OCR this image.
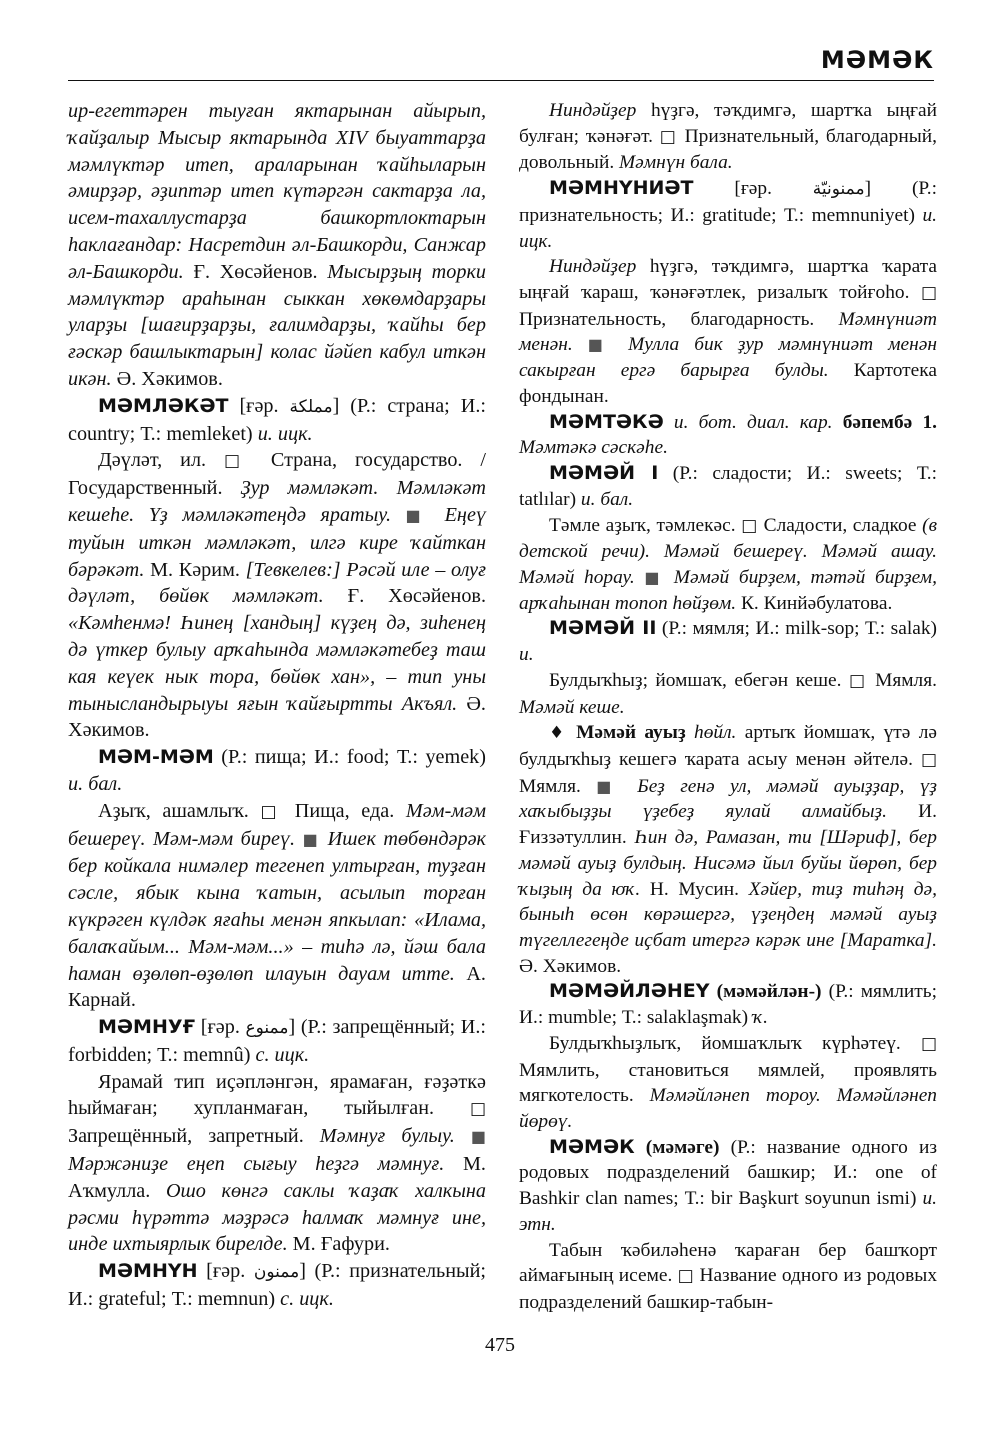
МӘМӘК

ир-егеттәрен тыуған яктарынан айырып, ҡайҙалыр Мысыр яктарында XIV быуаттарҙа мәмлүктәр итеп, араларынан ҡайһыларын әмирҙәр, әҙиптәр итеп күтәргән сактарҙа ла, исем-тахаллустарҙа башкортлоктарын һаклағандар: Насретдин әл-Башкорди, Санжар әл-Башкорди. Ғ. Хөсәйенов. Мысырҙың торки мәмлүктәр араһынан сыккан хөкөмдарҙары уларҙы [шағирҙарҙы, ғалимдарҙы, ҡайһы бер ғәскәр башлыктарын] колас йәйеп кабул иткән икән. Ә. Хәкимов.

МӘМЛӘКӘТ [ғәр. مملكة] (Р.: страна; И.: country; Т.: memleket) и. ицк.

Дәүләт, ил. □ Страна, государство. / Государственный. Ҙур мәмләкәт. Мәмләкәт кешеһе. Үҙ мәмләкәтеңдә яратыу. ■ Еңеү туйын иткән мәмләкәт, илгә кире ҡайткан бәрәкәт. М. Кәрим. [Тевкелев:] Рәсәй иле – олуғ дәүләт, бөйөк мәмләкәт. Ғ. Хөсәйенов. «Кәмһенмә! Һинең [хандың] күҙең дә, зиһенең дә үткер булыу арҡаһында мәмләкәтебеҙ таш кая кеүек нык тора, бөйөк хан», – тип уны тынысландырыуы яғын ҡайғыртты Акъял. Ә. Хәкимов.

МӘМ-МӘМ (Р.: пища; И.: food; Т.: yemek) и. бал.

Аҙыҡ, ашамлыҡ. □ Пища, еда. Мәм-мәм бешереү. Мәм-мәм биреү. ■ Ишек төбөндәрәк бер койкала нимәлер тегенеп ултырған, туҙған сәсле, ябык кына ҡатын, асылып торған күкрәген күлдәк яғаһы менән япкылап: «Илама, балаҡайым... Мәм-мәм...» – тиһә лә, йәш бала һаман өҙөлөп-өҙөлөп илауын дауам итте. А. Карнай.

МӘМНУҒ [ғәр. ممنوع] (Р.: запрещённый; И.: forbidden; Т.: memnû) с. ицк.

Ярамай тип иҫәпләнгән, ярамаған, ғәҙәткә һыймаған; хупланмаған, тыйылған. □ Запрещённый, запретный. Мәмнуғ булыу. ■ Мәржәниҙе еңеп сығыу һеҙгә мәмнуғ. М. Аҡмулла. Ошо көнгә саклы ҡаҙаҡ халкына рәсми һүрәттә мәҙрәсә һалмаҡ мәмнуғ ине, инде ихтыярлык бирелде. М. Ғафури.

МӘМНҮН [ғәр. ممنون] (Р.: признательный; И.: grateful; Т.: memnun) с. ицк.

Ниндәйҙер һүҙгә, тәҡдимгә, шартҡа ыңғай булған; ҡәнәғәт. □ Признательный, благодарный, довольный. Мәмнүн бала.

МӘМНҮНИӘТ [ғәр. ممنونيّة] (Р.: признательность; И.: gratitude; Т.: memnuniyet) и. ицк.

Ниндәйҙер һүҙгә, тәҡдимгә, шартҡа ҡарата ыңғай ҡараш, ҡәнәғәтлек, ризалыҡ тойғоһо. □ Признательность, благодарность. Мәмнүниәт менән. ■ Мулла бик ҙур мәмнүниәт менән сакырған ергә барырға булды. Картотека фондынан.

МӘМТӘКӘ и. бот. диал. кар. бәпембә 1. Мәмтәкә сәскәһе.

МӘМӘЙ I (Р.: сладости; И.: sweets; Т.: tatlılar) и. бал.

Тәмле аҙыҡ, тәмлекәс. □ Сладости, сладкое (в детской речи). Мәмәй бешереү. Мәмәй ашау. Мәмәй һорау. ■ Мәмәй бирҙем, тәтәй бирҙем, арҡаһынан топоп һөйҙөм. К. Кинйәбулатова.

МӘМӘЙ II (Р.: мямля; И.: milk-sop; Т.: salak) и.

Булдыҡһыҙ; йомшаҡ, ебегән кеше. □ Мямля. Мәмәй кеше.

♦ Мәмәй ауыҙ һөйл. артыҡ йомшаҡ, үтә лә булдыҡһыҙ кешегә ҡарата асыу менән әйтелә. □ Мямля. ■ Беҙ генә ул, мәмәй ауыҙҙар, үҙ хаҡыбыҙҙы үҙебеҙ яулай алмайбыҙ. И. Ғиззәтуллин. Һин дә, Рамазан, ти [Шәриф], бер мәмәй ауыҙ булдың. Нисәмә йыл буйы йөрөп, бер ҡыҙың да юҡ. Н. Мусин. Хәйер, тиҙ тиһәң дә, быныһ өсөн көрәшергә, үҙеңдең мәмәй ауыҙ түгеллегеңде иҫбат итергә кәрәк ине [Маратка]. Ә. Хәкимов.

МӘМӘЙЛӘНЕҮ (мәмәйлән-) (Р.: мямлить; И.: mumble; Т.: salaklaşmak) ҡ.

Булдыҡһыҙлыҡ, йомшаҡлыҡ күрһәтеү. □ Мямлить, становиться мямлей, проявлять мягкотелость. Мәмәйләнеп тороу. Мәмәйләнеп йөрөү.

МӘМӘК (мәмәге) (Р.: название одного из родовых подразделений башкир; И.: one of Bashkir clan names; Т.: bir Başkurt soyunun ismi) и. этн.

Табын ҡәбиләһенә ҡараған бер башҡорт аймағының исеме. □ Название одного из родовых подразделений башкир-табын-

475
